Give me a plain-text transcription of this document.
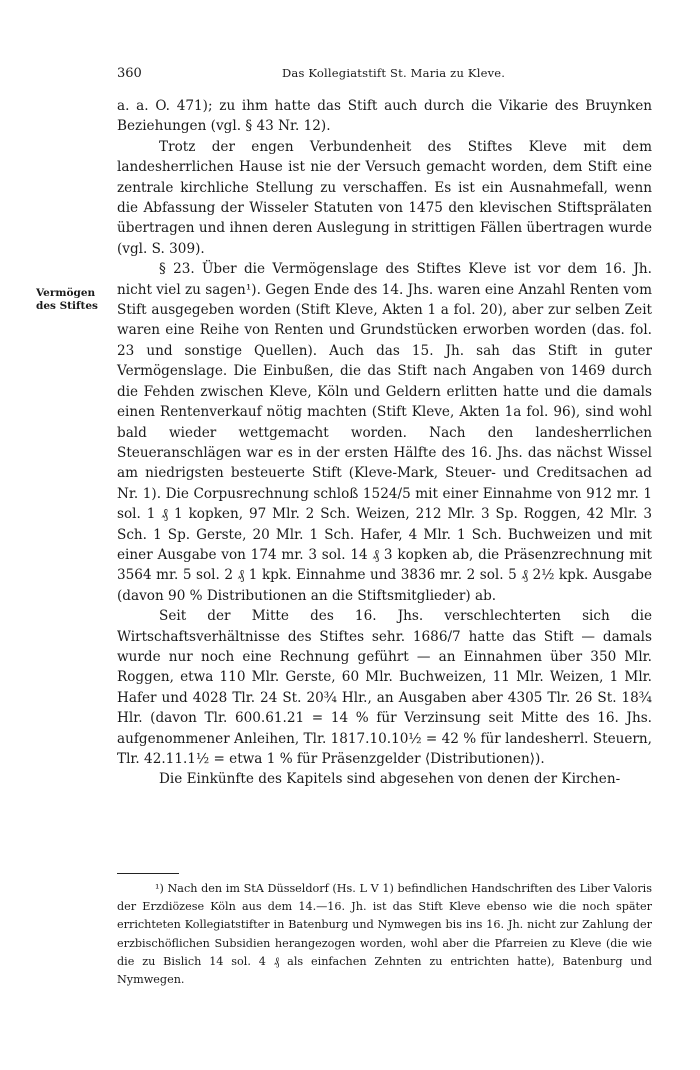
360	Das Kollegiatstift St. Maria zu Kleve.
Vermögen
des Stiftes

a. a. O. 471); zu ihm hatte das Stift auch durch die Vikarie des Bruynken Beziehungen (vgl. § 43 Nr. 12).

Trotz der engen Verbundenheit des Stiftes Kleve mit dem landesherrlichen Hause ist nie der Versuch gemacht worden, dem Stift eine zentrale kirchliche Stellung zu verschaffen. Es ist ein Ausnahmefall, wenn die Abfassung der Wisseler Statuten von 1475 den klevischen Stiftsprälaten übertragen und ihnen deren Auslegung in strittigen Fällen übertragen wurde (vgl. S. 309).

§ 23. Über die Vermögenslage des Stiftes Kleve ist vor dem 16. Jh. nicht viel zu sagen¹). Gegen Ende des 14. Jhs. waren eine Anzahl Renten vom Stift ausgegeben worden (Stift Kleve, Akten 1 a fol. 20), aber zur selben Zeit waren eine Reihe von Renten und Grundstücken erworben worden (das. fol. 23 und sonstige Quellen). Auch das 15. Jh. sah das Stift in guter Vermögenslage. Die Einbußen, die das Stift nach Angaben von 1469 durch die Fehden zwischen Kleve, Köln und Geldern erlitten hatte und die damals einen Rentenverkauf nötig machten (Stift Kleve, Akten 1a fol. 96), sind wohl bald wieder wettgemacht worden. Nach den landesherrlichen Steueranschlägen war es in der ersten Hälfte des 16. Jhs. das nächst Wissel am niedrigsten besteuerte Stift (Kleve-Mark, Steuer- und Creditsachen ad Nr. 1). Die Corpusrechnung schloß 1524/5 mit einer Einnahme von 912 mr. 1 sol. 1 ₰ 1 kopken, 97 Mlr. 2 Sch. Weizen, 212 Mlr. 3 Sp. Roggen, 42 Mlr. 3 Sch. 1 Sp. Gerste, 20 Mlr. 1 Sch. Hafer, 4 Mlr. 1 Sch. Buchweizen und mit einer Ausgabe von 174 mr. 3 sol. 14 ₰ 3 kopken ab, die Präsenzrechnung mit 3564 mr. 5 sol. 2 ₰ 1 kpk. Einnahme und 3836 mr. 2 sol. 5 ₰ 2½ kpk. Ausgabe (davon 90 % Distributionen an die Stiftsmitglieder) ab.

Seit der Mitte des 16. Jhs. verschlechterten sich die Wirtschaftsverhältnisse des Stiftes sehr. 1686/7 hatte das Stift — damals wurde nur noch eine Rechnung geführt — an Einnahmen über 350 Mlr. Roggen, etwa 110 Mlr. Gerste, 60 Mlr. Buchweizen, 11 Mlr. Weizen, 1 Mlr. Hafer und 4028 Tlr. 24 St. 20¾ Hlr., an Ausgaben aber 4305 Tlr. 26 St. 18¾ Hlr. (davon Tlr. 600.61.21 = 14 % für Verzinsung seit Mitte des 16. Jhs. aufgenommener Anleihen, Tlr. 1817.10.10½ = 42 % für landesherrl. Steuern, Tlr. 42.11.1½ = etwa 1 % für Präsenzgelder ⟨Distributionen⟩).

Die Einkünfte des Kapitels sind abgesehen von denen der Kirchen-

¹) Nach den im StA Düsseldorf (Hs. L V 1) befindlichen Handschriften des Liber Valoris der Erzdiözese Köln aus dem 14.—16. Jh. ist das Stift Kleve ebenso wie die noch später errichteten Kollegiatstifter in Batenburg und Nymwegen bis ins 16. Jh. nicht zur Zahlung der erzbischöflichen Subsidien herangezogen worden, wohl aber die Pfarreien zu Kleve (die wie die zu Bislich 14 sol. 4 ₰ als einfachen Zehnten zu entrichten hatte), Batenburg und Nymwegen.
